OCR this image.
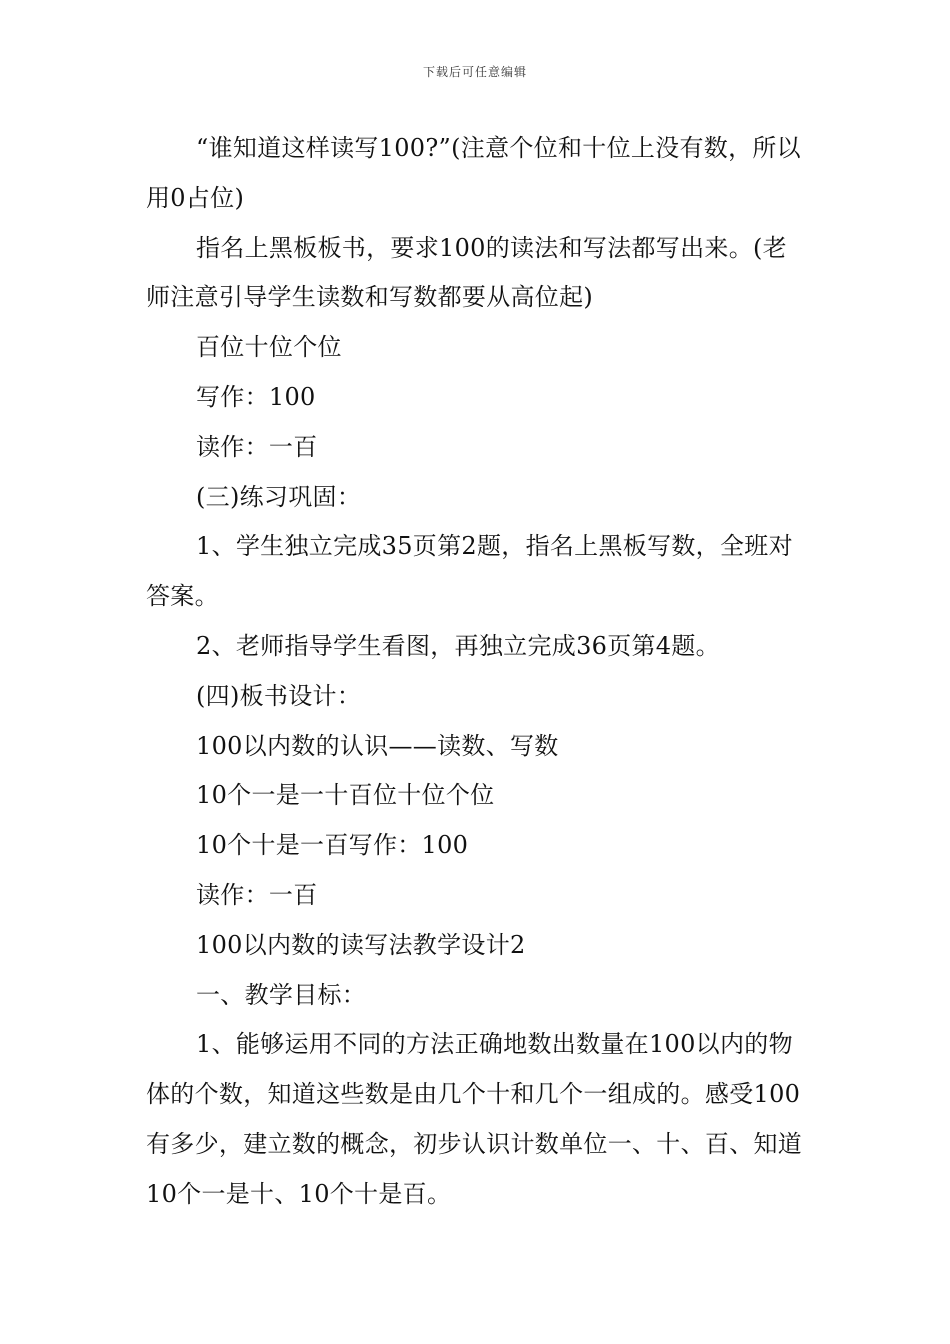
下载后可任意编辑

“谁知道这样读写100?”(注意个位和十位上没有数，所以用0占位)

指名上黑板板书，要求100的读法和写法都写出来。(老师注意引导学生读数和写数都要从高位起)

百位十位个位

写作：100

读作：一百

(三)练习巩固：

1、学生独立完成35页第2题，指名上黑板写数，全班对答案。

2、老师指导学生看图，再独立完成36页第4题。

(四)板书设计：

100以内数的认识——读数、写数

10个一是一十百位十位个位

10个十是一百写作：100

读作：一百

100以内数的读写法教学设计2

一、教学目标：

1、能够运用不同的方法正确地数出数量在100以内的物体的个数，知道这些数是由几个十和几个一组成的。感受100有多少，建立数的概念，初步认识计数单位一、十、百、知道10个一是十、10个十是百。
